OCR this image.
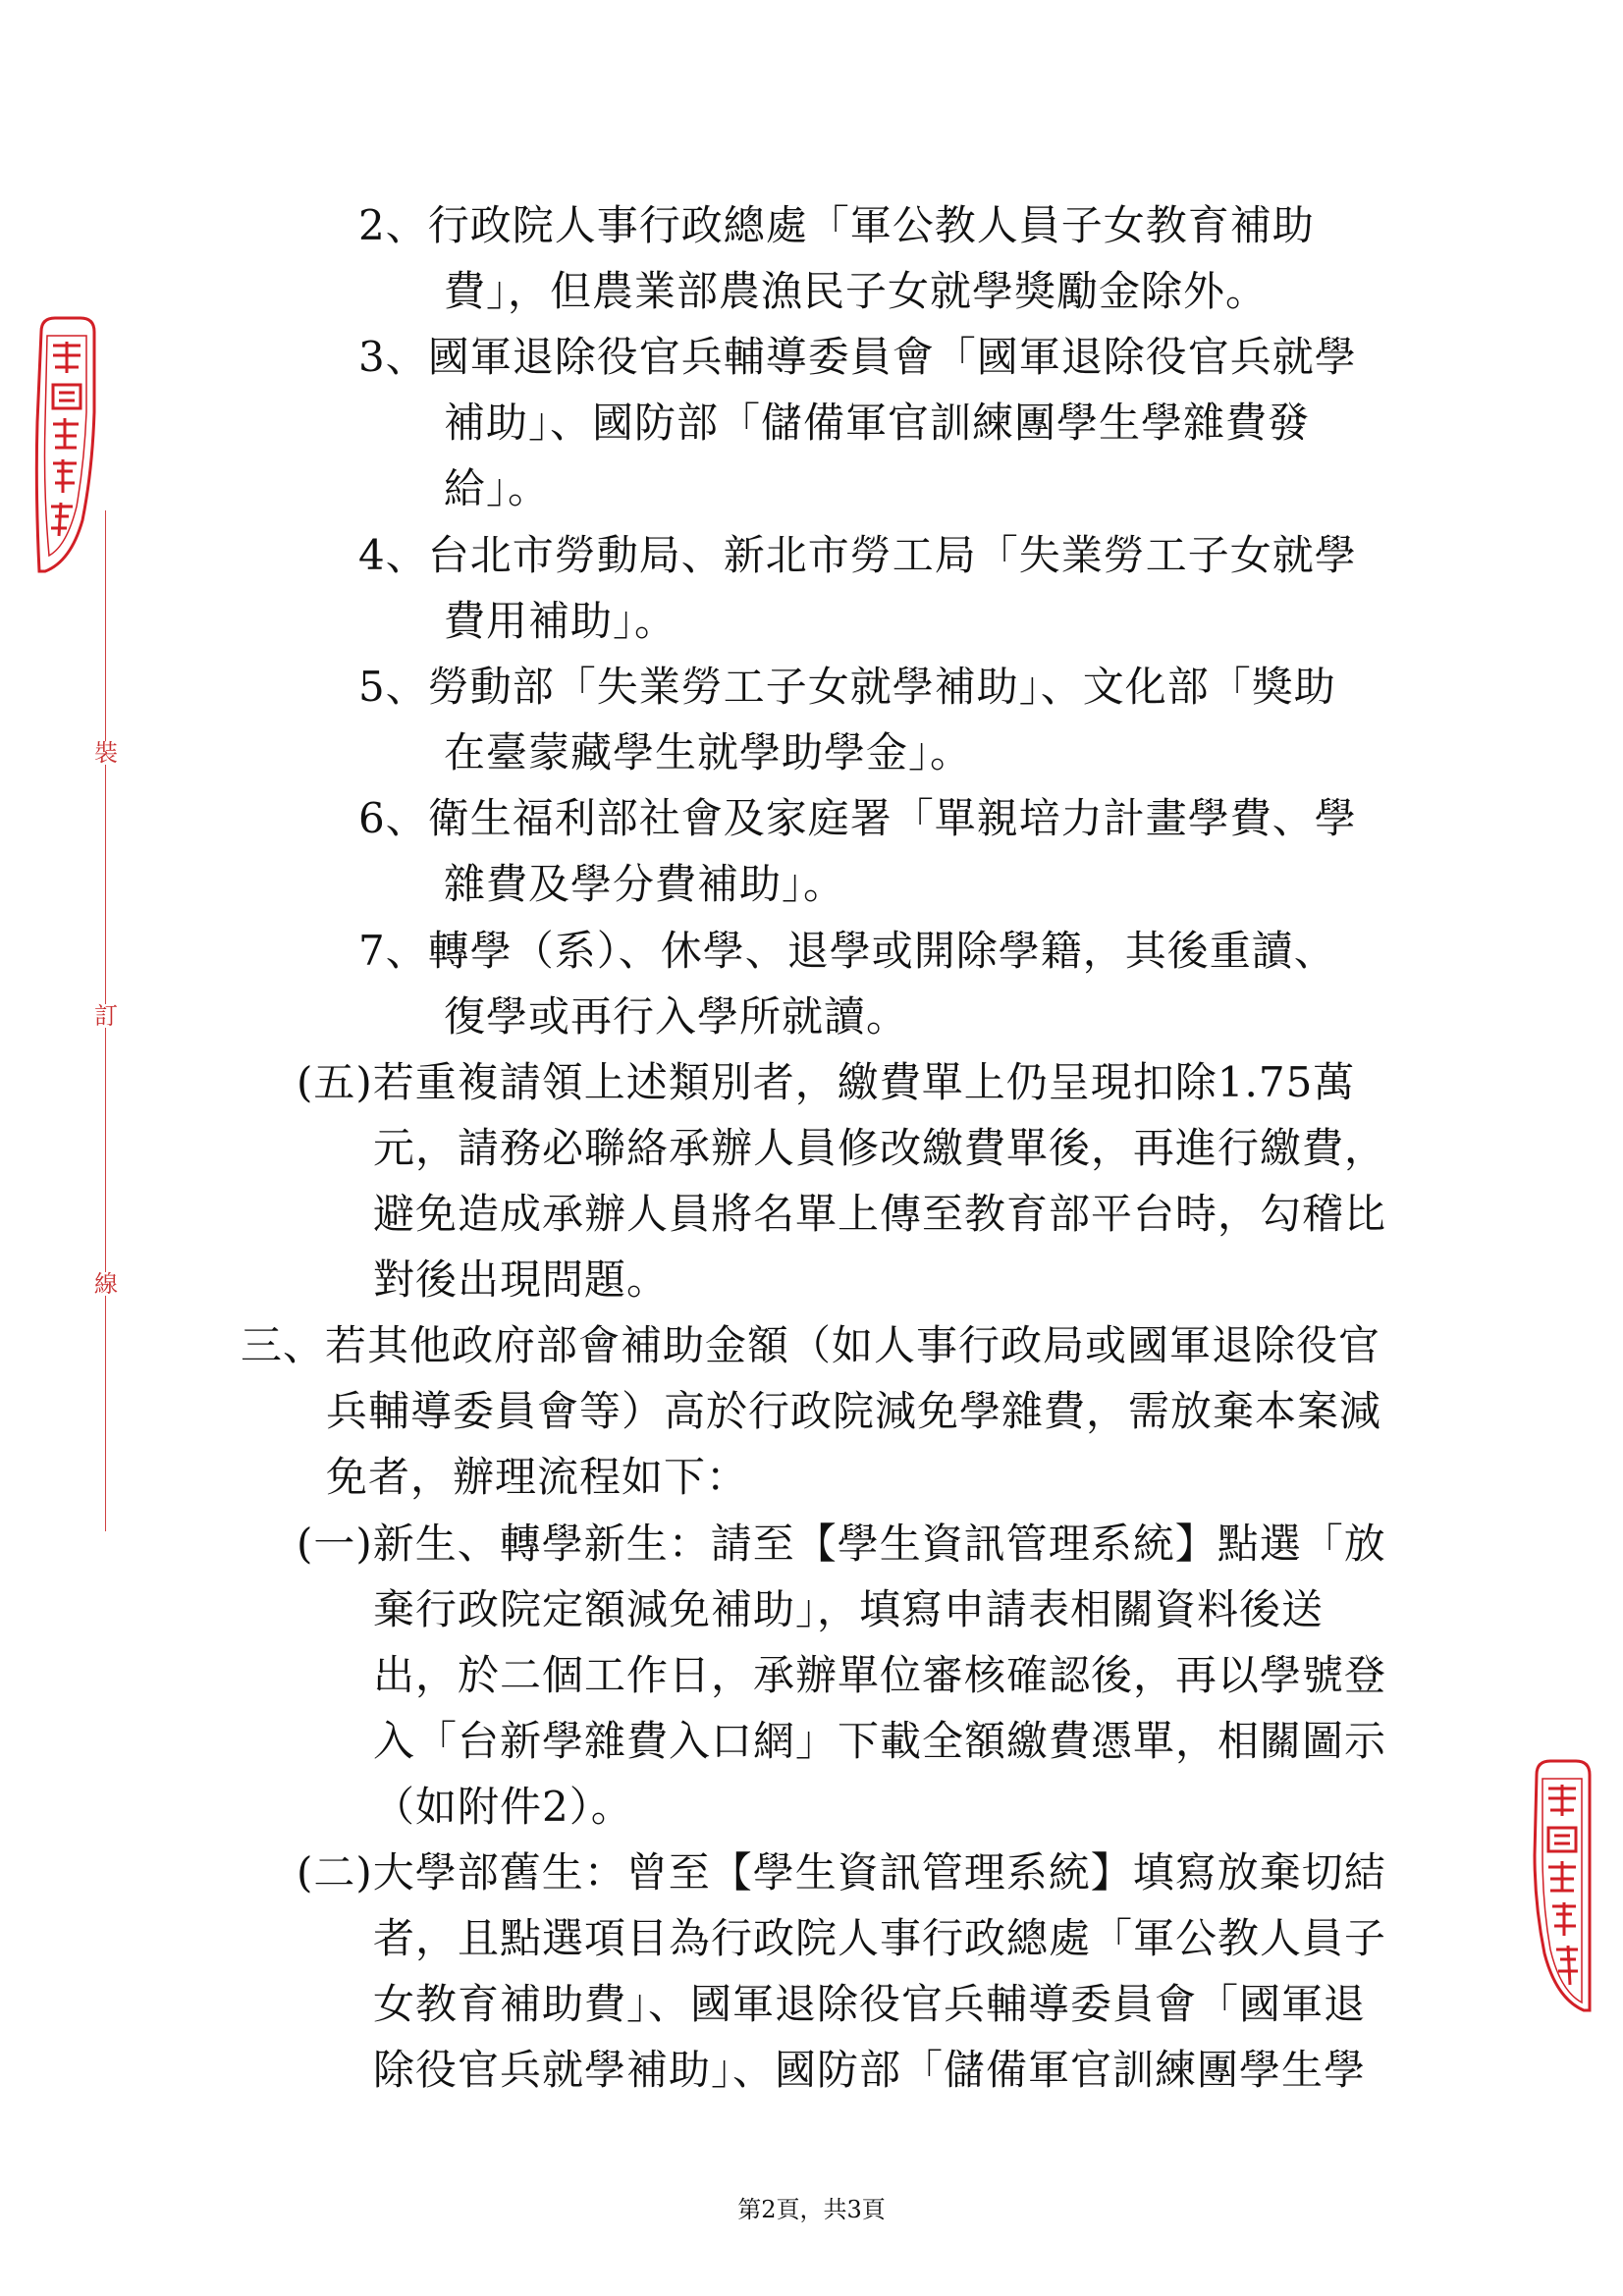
裝
訂
線
2、行政院人事行政總處「軍公教人員子女教育補助
費」，但農業部農漁民子女就學獎勵金除外。
3、國軍退除役官兵輔導委員會「國軍退除役官兵就學
補助」、國防部「儲備軍官訓練團學生學雜費發
給」。
4、台北市勞動局、新北市勞工局「失業勞工子女就學
費用補助」。
5、勞動部「失業勞工子女就學補助」、文化部「獎助
在臺蒙藏學生就學助學金」。
6、衛生福利部社會及家庭署「單親培力計畫學費、學
雜費及學分費補助」。
7、轉學（系）、休學、退學或開除學籍，其後重讀、
復學或再行入學所就讀。
(五)若重複請領上述類別者，繳費單上仍呈現扣除1.75萬
元，請務必聯絡承辦人員修改繳費單後，再進行繳費，
避免造成承辦人員將名單上傳至教育部平台時，勾稽比
對後出現問題。
三、若其他政府部會補助金額（如人事行政局或國軍退除役官
兵輔導委員會等）高於行政院減免學雜費，需放棄本案減
免者，辦理流程如下：
(一)新生、轉學新生：請至【學生資訊管理系統】點選「放
棄行政院定額減免補助」，填寫申請表相關資料後送
出，於二個工作日，承辦單位審核確認後，再以學號登
入「台新學雜費入口網」下載全額繳費憑單，相關圖示
（如附件2）。
(二)大學部舊生：曾至【學生資訊管理系統】填寫放棄切結
者，且點選項目為行政院人事行政總處「軍公教人員子
女教育補助費」、國軍退除役官兵輔導委員會「國軍退
除役官兵就學補助」、國防部「儲備軍官訓練團學生學
第2頁，共3頁
